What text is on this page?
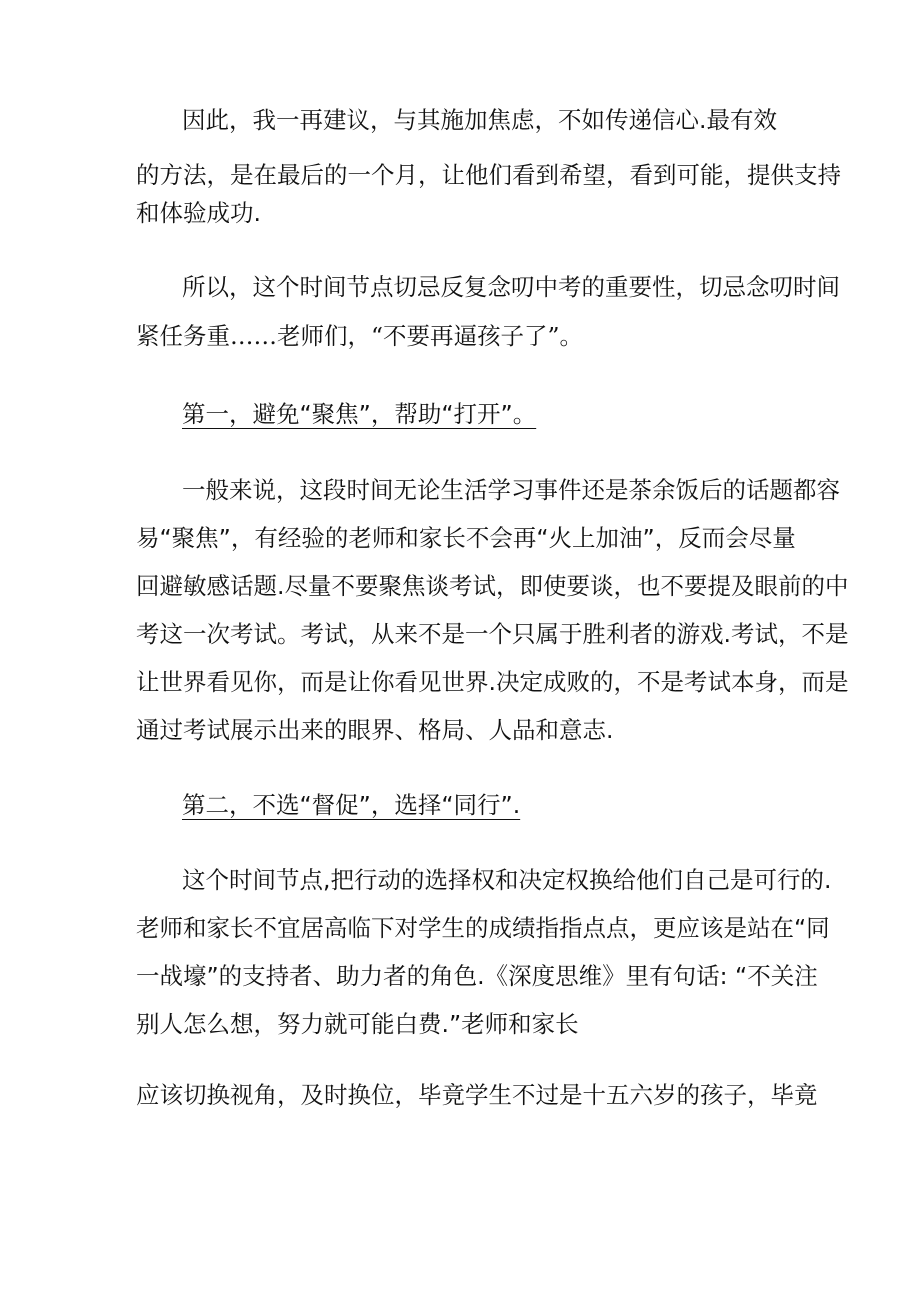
因此，我一再建议，与其施加焦虑，不如传递信心.最有效
的方法，是在最后的一个月，让他们看到希望，看到可能，提供支持
和体验成功.
所以，这个时间节点切忌反复念叨中考的重要性，切忌念叨时间
紧任务重……老师们，“不要再逼孩子了”。
第一，避免“聚焦”，帮助“打开”。
一般来说，这段时间无论生活学习事件还是茶余饭后的话题都容
易“聚焦”，有经验的老师和家长不会再“火上加油”，反而会尽量
回避敏感话题.尽量不要聚焦谈考试，即使要谈，也不要提及眼前的中
考这一次考试。考试，从来不是一个只属于胜利者的游戏.考试，不是
让世界看见你，而是让你看见世界.决定成败的，不是考试本身，而是
通过考试展示出来的眼界、格局、人品和意志.
第二，不选“督促”，选择“同行”.
这个时间节点,把行动的选择权和决定权换给他们自己是可行的.
老师和家长不宜居高临下对学生的成绩指指点点，更应该是站在“同
一战壕”的支持者、助力者的角色.《深度思维》里有句话: “不关注
别人怎么想，努力就可能白费.”老师和家长
应该切换视角，及时换位，毕竟学生不过是十五六岁的孩子，毕竟
